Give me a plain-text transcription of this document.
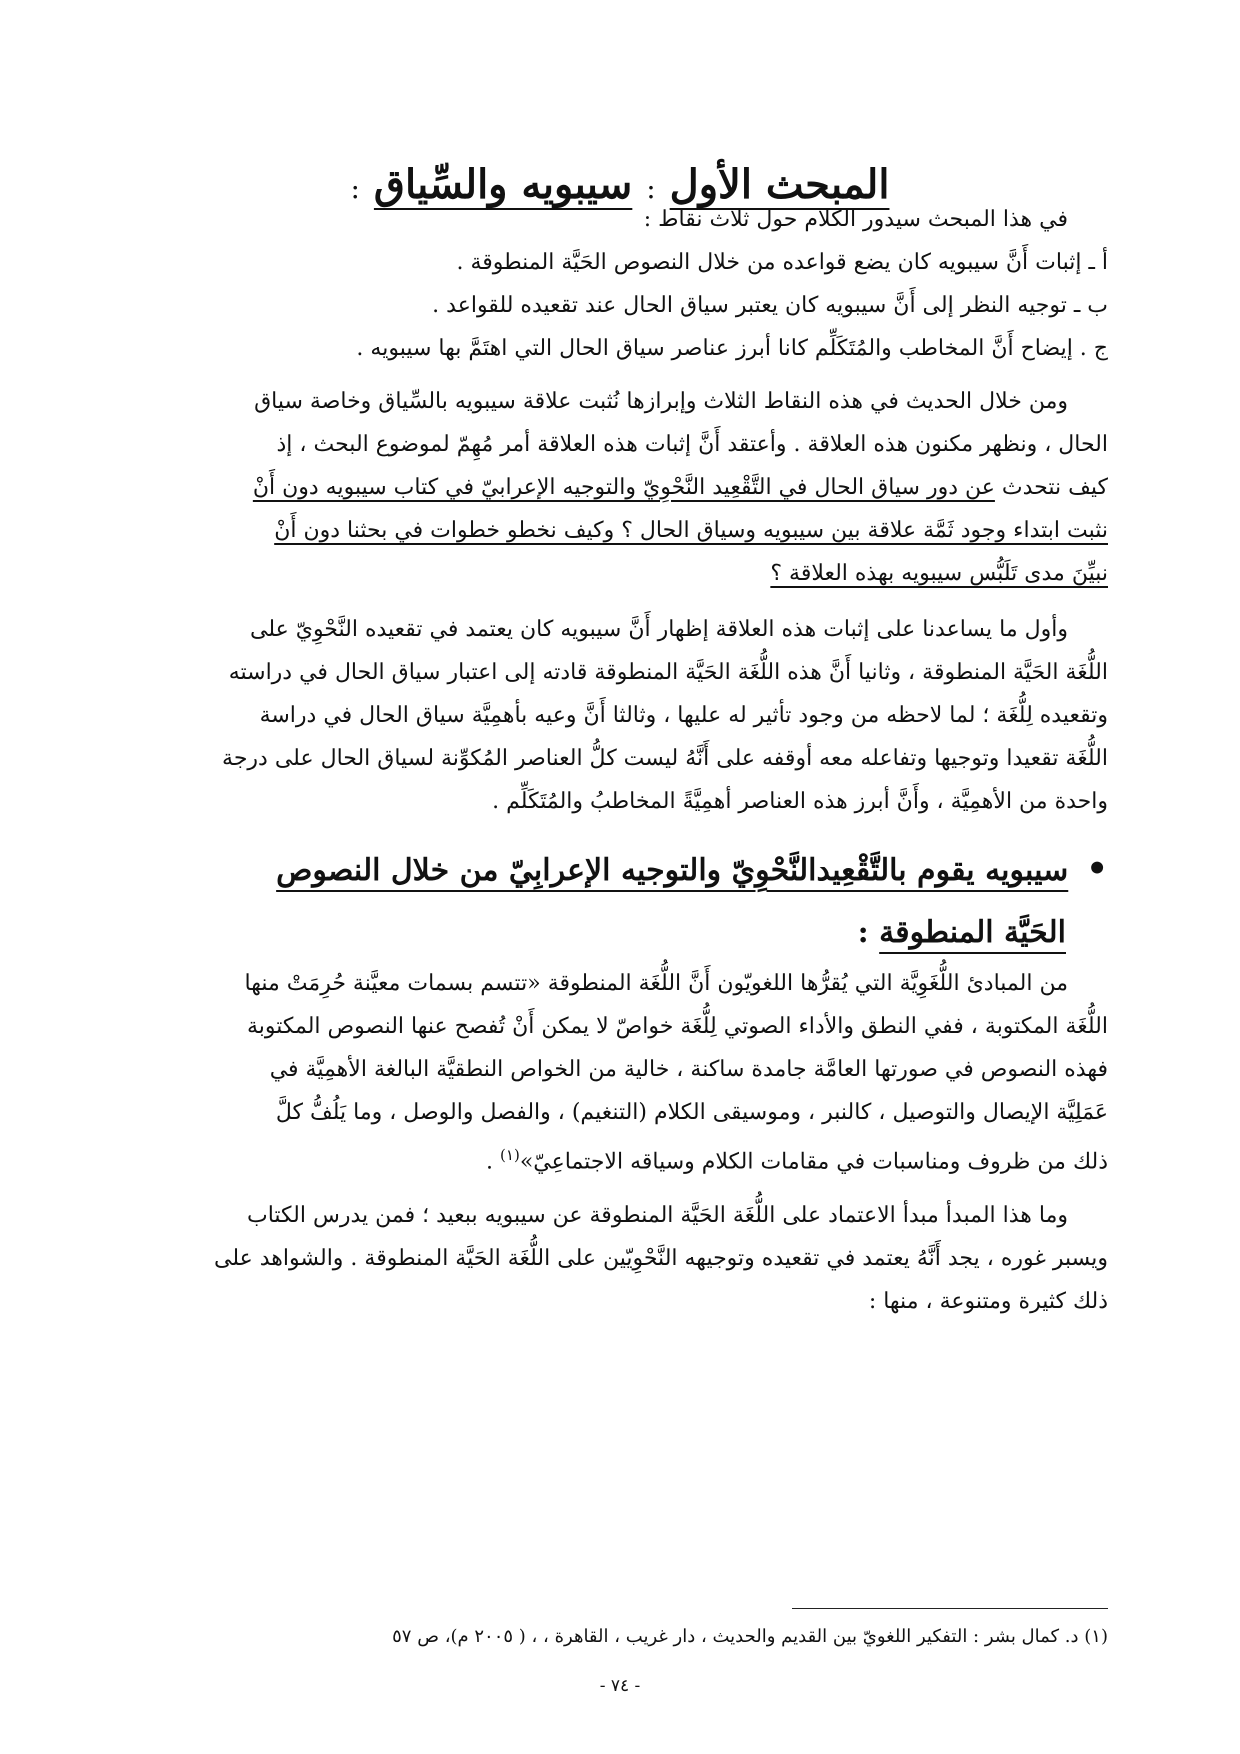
المبحث الأول : سيبويه والسِّياق :
في هذا المبحث سيدور الكلام حول ثلاث نقاط :
أ ـ إثبات أَنَّ سيبويه كان يضع قواعده من خلال النصوص الحَيَّة المنطوقة .
ب ـ توجيه النظر إلى أَنَّ سيبويه كان يعتبر سياق الحال عند تقعيده للقواعد .
ج . إيضاح أَنَّ المخاطب والمُتَكَلِّم كانا أبرز عناصر سياق الحال التي اهتَمَّ بها سيبويه .
ومن خلال الحديث في هذه النقاط الثلاث وإبرازها نُثبت علاقة سيبويه بالسِّياق وخاصة سياق
الحال ، ونظهر مكنون هذه العلاقة . وأعتقد أَنَّ إثبات هذه العلاقة أمر مُهِمّ لموضوع البحث ، إذ
كيف نتحدث عن دور سياق الحال في التَّقْعِيد النَّحْوِيّ والتوجيه الإعرابيّ في كتاب سيبويه دون أَنْ
نثبت ابتداء وجود ثَمَّة علاقة بين سيبويه وسياق الحال ؟ وكيف نخطو خطوات في بحثنا دون أَنْ
نبيِّنَ مدى تَلَبُّس سيبويه بهذه العلاقة ؟
وأول ما يساعدنا على إثبات هذه العلاقة إظهار أَنَّ سيبويه كان يعتمد في تقعيده النَّحْوِيّ على
اللُّغَة الحَيَّة المنطوقة ، وثانيا أَنَّ هذه اللُّغَة الحَيَّة المنطوقة قادته إلى اعتبار سياق الحال في دراسته
وتقعيده لِلُّغَة ؛ لما لاحظه من وجود تأثير له عليها ، وثالثا أَنَّ وعيه بأهمِيَّة سياق الحال في دراسة
اللُّغَة تقعيدا وتوجيها وتفاعله معه أوقفه على أَنَّهُ ليست كلُّ العناصر المُكوِّنة لسياق الحال على درجة
واحدة من الأهمِيَّة ، وأَنَّ أبرز هذه العناصر أهمِيَّةً المخاطبُ والمُتَكَلِّم .
•سيبويه يقوم بالتَّقْعِيدالنَّحْوِيّ والتوجيه الإعرابِيّ من خلال النصوص
الحَيَّة المنطوقة :
من المبادئ اللُّغَوِيَّة التي يُقرُّها اللغويّون أَنَّ اللُّغَة المنطوقة «تتسم بسمات معيَّنة حُرِمَتْ منها
اللُّغَة المكتوبة ، ففي النطق والأداء الصوتي لِلُّغَة خواصّ لا يمكن أَنْ تُفصح عنها النصوص المكتوبة
فهذه النصوص في صورتها العامَّة جامدة ساكنة ، خالية من الخواص النطقيَّة البالغة الأهمِيَّة في
عَمَلِيَّة الإيصال والتوصيل ، كالنبر ، وموسيقى الكلام (التنغيم) ، والفصل والوصل ، وما يَلُفُّ كلَّ
ذلك من ظروف ومناسبات في مقامات الكلام وسياقه الاجتماعِيّ»$^{(١)}$ .
وما هذا المبدأ مبدأ الاعتماد على اللُّغَة الحَيَّة المنطوقة عن سيبويه ببعيد ؛ فمن يدرس الكتاب
ويسبر غوره ، يجد أَنَّهُ يعتمد في تقعيده وتوجيهه النَّحْوِيّين على اللُّغَة الحَيَّة المنطوقة . والشواهد على
ذلك كثيرة ومتنوعة ، منها :
(١) د. كمال بشر : التفكير اللغويّ بين القديم والحديث ، دار غريب ، القاهرة ، ، ( ٢٠٠٥ م)، ص ٥٧
- ٧٤ -
